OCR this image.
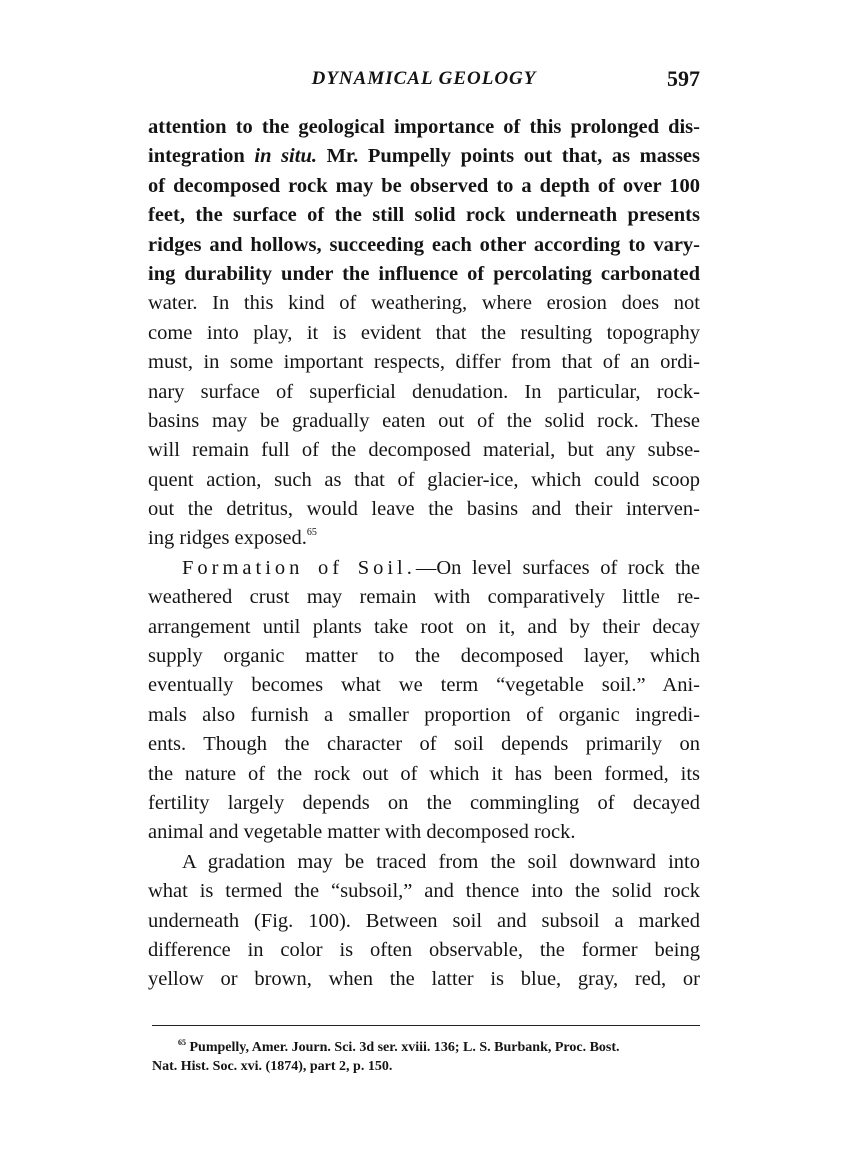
DYNAMICAL GEOLOGY	597
attention to the geological importance of this prolonged dis-
integration in situ. Mr. Pumpelly points out that, as masses
of decomposed rock may be observed to a depth of over 100
feet, the surface of the still solid rock underneath presents
ridges and hollows, succeeding each other according to vary-
ing durability under the influence of percolating carbonated
water. In this kind of weathering, where erosion does not
come into play, it is evident that the resulting topography
must, in some important respects, differ from that of an ordi-
nary surface of superficial denudation. In particular, rock-
basins may be gradually eaten out of the solid rock. These
will remain full of the decomposed material, but any subse-
quent action, such as that of glacier-ice, which could scoop
out the detritus, would leave the basins and their interven-
ing ridges exposed.$^{65}$
Formation of Soil.—On level surfaces of rock the
weathered crust may remain with comparatively little re-
arrangement until plants take root on it, and by their decay
supply organic matter to the decomposed layer, which
eventually becomes what we term “vegetable soil.” Ani-
mals also furnish a smaller proportion of organic ingredi-
ents. Though the character of soil depends primarily on
the nature of the rock out of which it has been formed, its
fertility largely depends on the commingling of decayed
animal and vegetable matter with decomposed rock.
A gradation may be traced from the soil downward into
what is termed the “subsoil,” and thence into the solid rock
underneath (Fig. 100). Between soil and subsoil a marked
difference in color is often observable, the former being
yellow or brown, when the latter is blue, gray, red, or
$^{65}$ Pumpelly, Amer. Journ. Sci. 3d ser. xviii. 136; L. S. Burbank, Proc. Bost.
Nat. Hist. Soc. xvi. (1874), part 2, p. 150.
